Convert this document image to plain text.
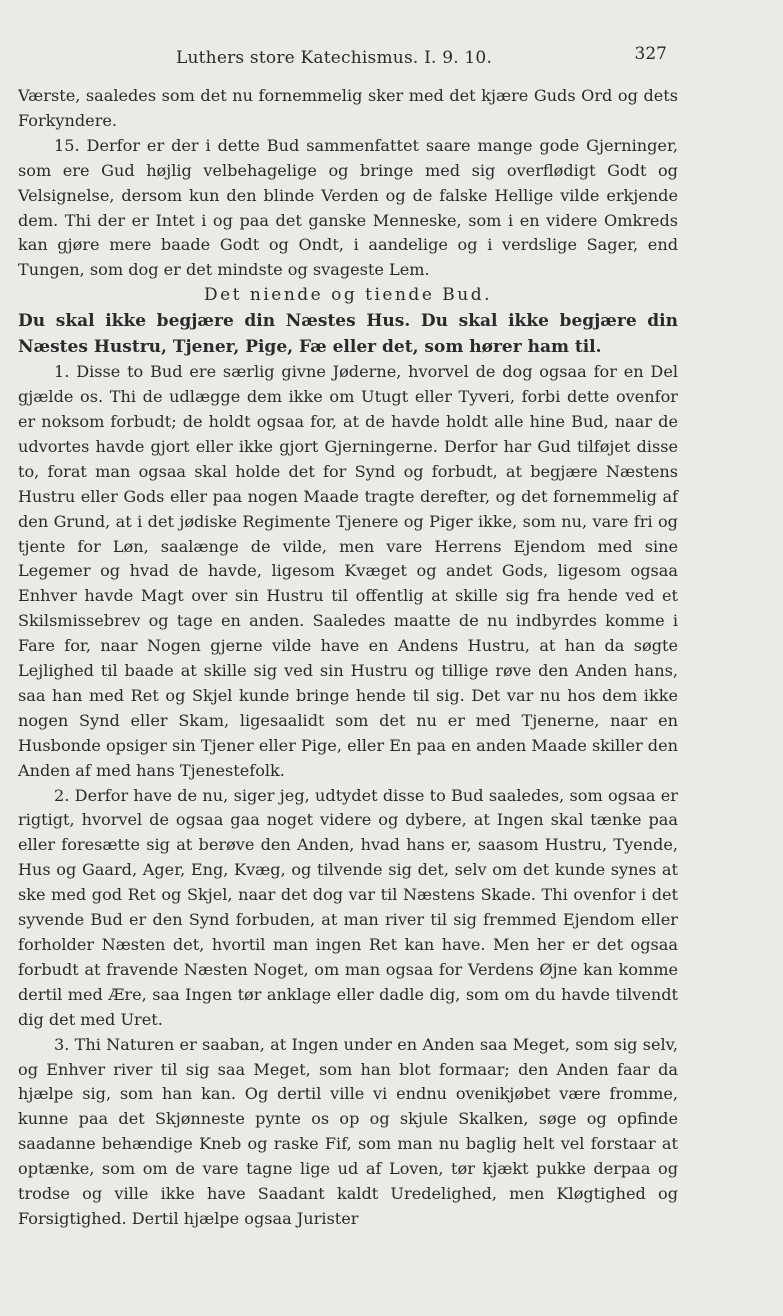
Luthers store Katechismus. I. 9. 10.	327

Værste, saaledes som det nu fornemmelig sker med det kjære Guds Ord og dets Forkyndere.

15. Derfor er der i dette Bud sammenfattet saare mange gode Gjerninger, som ere Gud højlig velbehagelige og bringe med sig overflødigt Godt og Velsignelse, dersom kun den blinde Verden og de falske Hellige vilde erkjende dem. Thi der er Intet i og paa det ganske Menneske, som i en videre Omkreds kan gjøre mere baade Godt og Ondt, i aandelige og i verdslige Sager, end Tungen, som dog er det mindste og svageste Lem.

Det niende og tiende Bud.

Du skal ikke begjære din Næstes Hus. Du skal ikke begjære din Næstes Hustru, Tjener, Pige, Fæ eller det, som hører ham til.

1. Disse to Bud ere særlig givne Jøderne, hvorvel de dog ogsaa for en Del gjælde os. Thi de udlægge dem ikke om Utugt eller Tyveri, forbi dette ovenfor er noksom forbudt; de holdt ogsaa for, at de havde holdt alle hine Bud, naar de udvortes havde gjort eller ikke gjort Gjerningerne. Derfor har Gud tilføjet disse to, forat man ogsaa skal holde det for Synd og forbudt, at begjære Næstens Hustru eller Gods eller paa nogen Maade tragte derefter, og det fornemmelig af den Grund, at i det jødiske Regimente Tjenere og Piger ikke, som nu, vare fri og tjente for Løn, saalænge de vilde, men vare Herrens Ejendom med sine Legemer og hvad de havde, ligesom Kvæget og andet Gods, ligesom ogsaa Enhver havde Magt over sin Hustru til offentlig at skille sig fra hende ved et Skilsmissebrev og tage en anden. Saaledes maatte de nu indbyrdes komme i Fare for, naar Nogen gjerne vilde have en Andens Hustru, at han da søgte Lejlighed til baade at skille sig ved sin Hustru og tillige røve den Anden hans, saa han med Ret og Skjel kunde bringe hende til sig. Det var nu hos dem ikke nogen Synd eller Skam, ligesaalidt som det nu er med Tjenerne, naar en Husbonde opsiger sin Tjener eller Pige, eller En paa en anden Maade skiller den Anden af med hans Tjenestefolk.

2. Derfor have de nu, siger jeg, udtydet disse to Bud saaledes, som ogsaa er rigtigt, hvorvel de ogsaa gaa noget videre og dybere, at Ingen skal tænke paa eller foresætte sig at berøve den Anden, hvad hans er, saasom Hustru, Tyende, Hus og Gaard, Ager, Eng, Kvæg, og tilvende sig det, selv om det kunde synes at ske med god Ret og Skjel, naar det dog var til Næstens Skade. Thi ovenfor i det syvende Bud er den Synd forbuden, at man river til sig fremmed Ejendom eller forholder Næsten det, hvortil man ingen Ret kan have. Men her er det ogsaa forbudt at fravende Næsten Noget, om man ogsaa for Verdens Øjne kan komme dertil med Ære, saa Ingen tør anklage eller dadle dig, som om du havde tilvendt dig det med Uret.

3. Thi Naturen er saaban, at Ingen under en Anden saa Meget, som sig selv, og Enhver river til sig saa Meget, som han blot formaar; den Anden faar da hjælpe sig, som han kan. Og dertil ville vi endnu ovenikjøbet være fromme, kunne paa det Skjønneste pynte os op og skjule Skalken, søge og opfinde saadanne behændige Kneb og raske Fif, som man nu baglig helt vel forstaar at optænke, som om de vare tagne lige ud af Loven, tør kjækt pukke derpaa og trodse og ville ikke have Saadant kaldt Uredelighed, men Kløgtighed og Forsigtighed. Dertil hjælpe ogsaa Jurister
